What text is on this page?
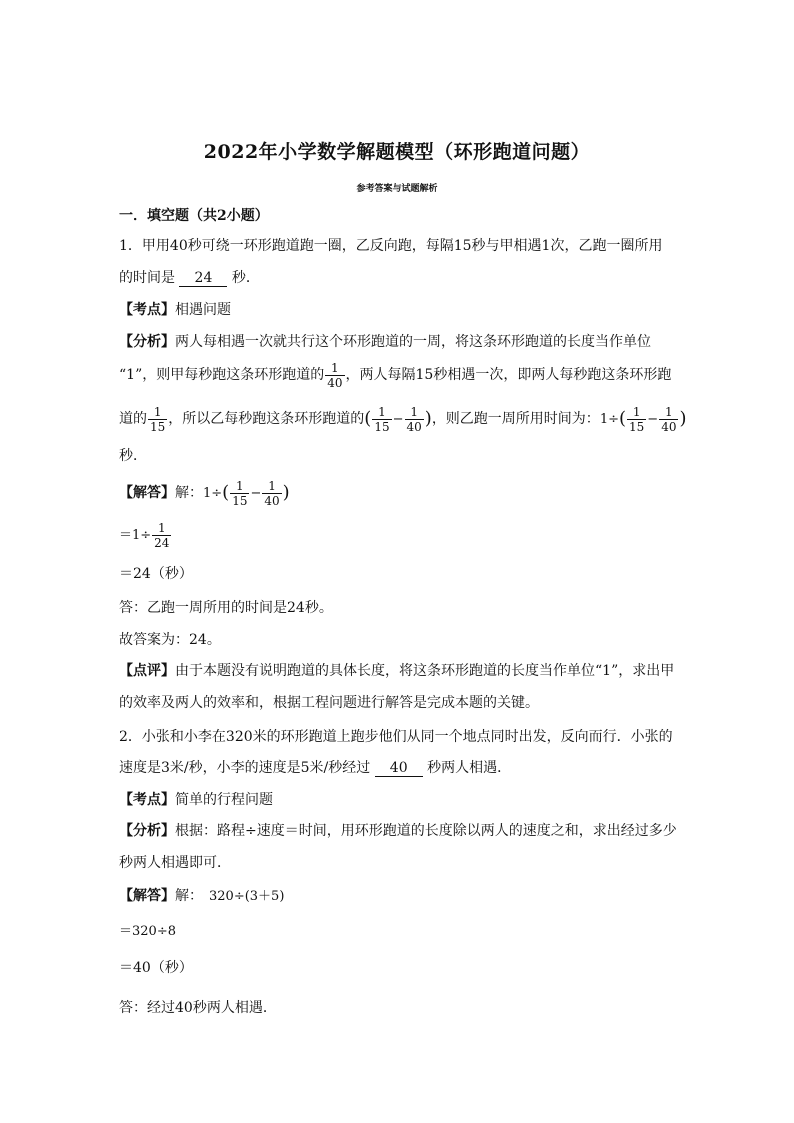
2022年小学数学解题模型（环形跑道问题）
参考答案与试题解析
一．填空题（共2小题）
1．甲用40秒可绕一环形跑道跑一圈，乙反向跑，每隔15秒与甲相遇1次，乙跑一圈所用
的时间是 24 秒．
【考点】相遇问题
【分析】两人每相遇一次就共行这个环形跑道的一周，将这条环形跑道的长度当作单位
“1”，则甲每秒跑这条环形跑道的 $\frac{1}{40}$ ，两人每隔15秒相遇一次，即两人每秒跑这条环形跑
道的 $\frac{1}{15}$ ，所以乙每秒跑这条环形跑道的( $\frac{1}{15} - \frac{1}{40}$ )，则乙跑一周所用时间为：$1\div( \frac{1}{15} - \frac{1}{40}$ )
秒．
【解答】解：$1\div( \frac{1}{15} - \frac{1}{40}$ )
$=1\div \frac{1}{24}$
＝24（秒）
答：乙跑一周所用的时间是24秒。
故答案为：24。
【点评】由于本题没有说明跑道的具体长度，将这条环形跑道的长度当作单位“1”，求出甲
的效率及两人的效率和，根据工程问题进行解答是完成本题的关键。
2．小张和小李在320米的环形跑道上跑步他们从同一个地点同时出发，反向而行．小张的
速度是3米/秒，小李的速度是5米/秒经过 40 秒两人相遇．
【考点】简单的行程问题
【分析】根据：路程÷速度＝时间，用环形跑道的长度除以两人的速度之和，求出经过多少
秒两人相遇即可．
【解答】解： 320÷(3＋5)
＝320÷8
＝40（秒）
答：经过40秒两人相遇．
